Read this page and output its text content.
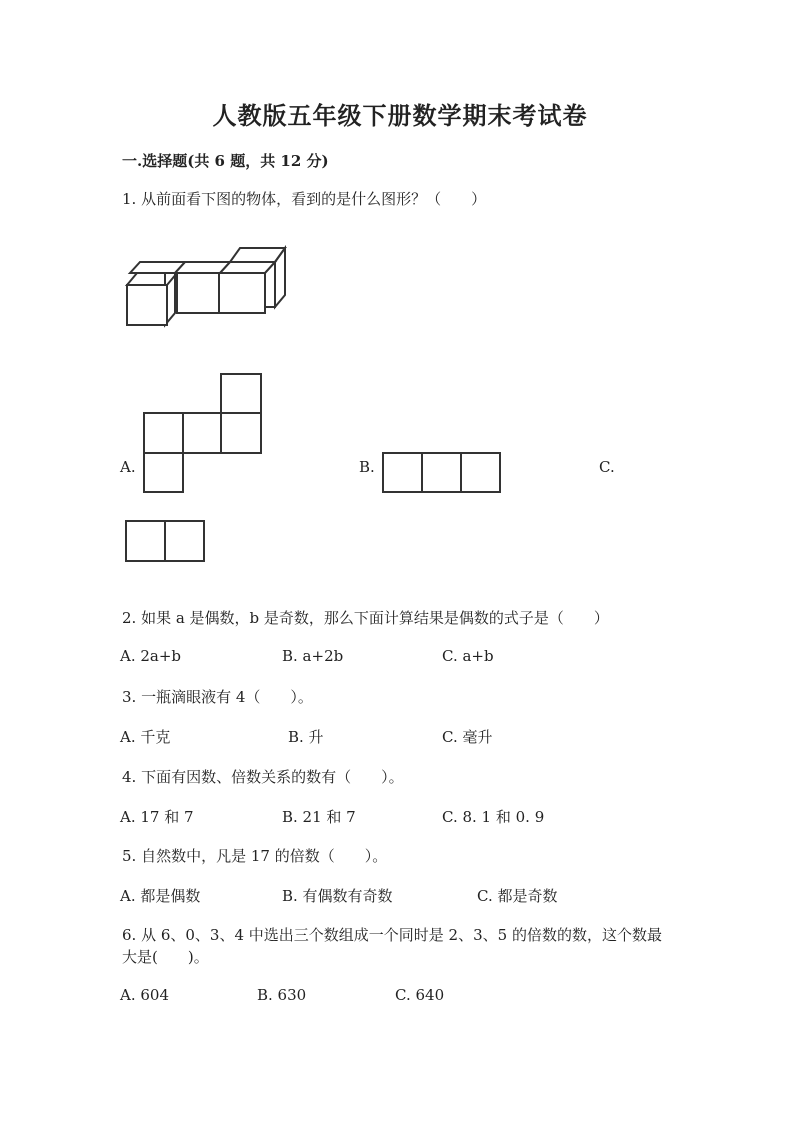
人教版五年级下册数学期末考试卷
一.选择题(共 6 题，共 12 分)
1. 从前面看下图的物体，看到的是什么图形？（　　）
A.	B.	C.
2. 如果 a 是偶数，b 是奇数，那么下面计算结果是偶数的式子是（　　）
A. 2a+b	B. a+2b	C. a+b
3. 一瓶滴眼液有 4（　　）。
A. 千克	B. 升	C. 毫升
4. 下面有因数、倍数关系的数有（　　）。
A. 17 和 7	B. 21 和 7	C. 8. 1 和 0. 9
5. 自然数中，凡是 17 的倍数（　　）。
A. 都是偶数	B. 有偶数有奇数	C. 都是奇数
6. 从 6、0、3、4 中选出三个数组成一个同时是 2、3、5 的倍数的数，这个数最
大是(　　)。
A. 604	B. 630	C. 640
